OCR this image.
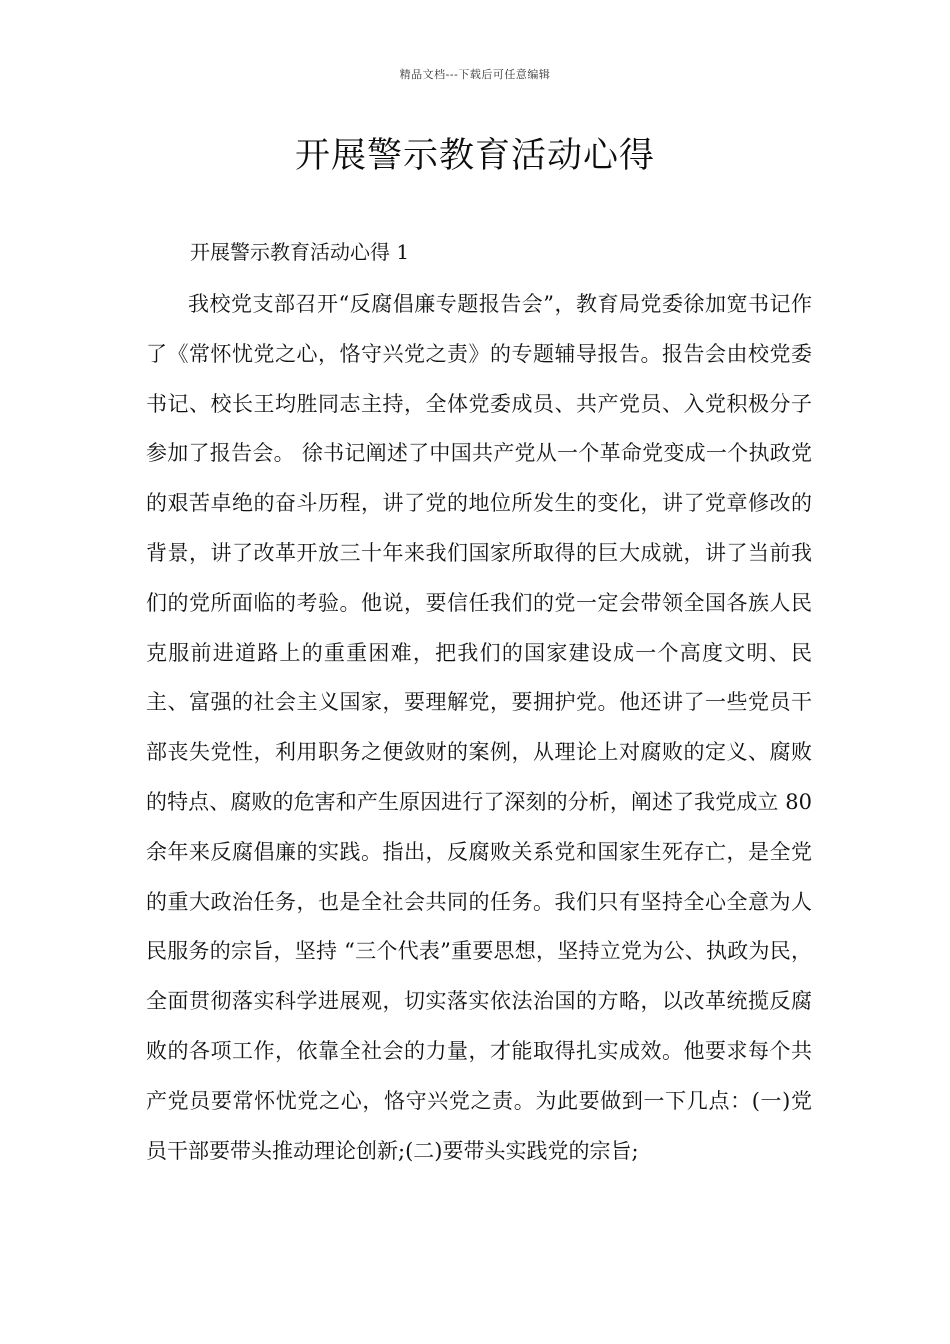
精品文档---下载后可任意编辑
开展警示教育活动心得
开展警示教育活动心得 1

我校党支部召开“反腐倡廉专题报告会”，教育局党委徐加宽书记作了《常怀忧党之心，恪守兴党之责》的专题辅导报告。报告会由校党委书记、校长王均胜同志主持，全体党委成员、共产党员、入党积极分子参加了报告会。 徐书记阐述了中国共产党从一个革命党变成一个执政党的艰苦卓绝的奋斗历程，讲了党的地位所发生的变化，讲了党章修改的背景，讲了改革开放三十年来我们国家所取得的巨大成就，讲了当前我们的党所面临的考验。他说，要信任我们的党一定会带领全国各族人民克服前进道路上的重重困难，把我们的国家建设成一个高度文明、民主、富强的社会主义国家，要理解党，要拥护党。他还讲了一些党员干部丧失党性，利用职务之便敛财的案例，从理论上对腐败的定义、腐败的特点、腐败的危害和产生原因进行了深刻的分析，阐述了我党成立 80 余年来反腐倡廉的实践。指出，反腐败关系党和国家生死存亡，是全党的重大政治任务，也是全社会共同的任务。我们只有坚持全心全意为人民服务的宗旨，坚持 “三个代表”重要思想，坚持立党为公、执政为民，全面贯彻落实科学进展观，切实落实依法治国的方略，以改革统揽反腐败的各项工作，依靠全社会的力量，才能取得扎实成效。他要求每个共产党员要常怀忧党之心，恪守兴党之责。为此要做到一下几点：(一)党员干部要带头推动理论创新;(二)要带头实践党的宗旨;
